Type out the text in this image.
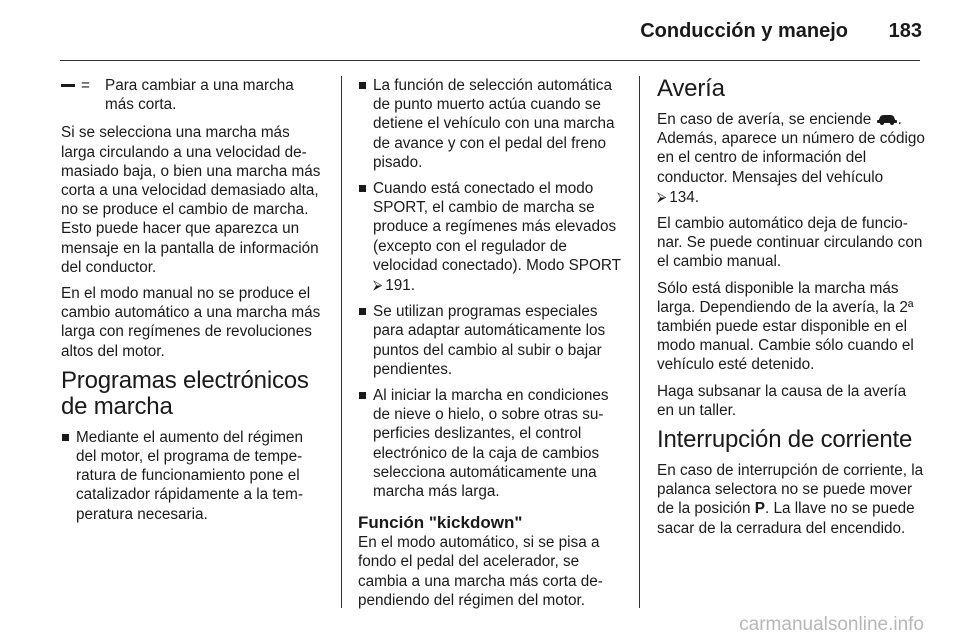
Conducción y manejo 183
= Para cambiar a una marcha más corta.

Si se selecciona una marcha más larga circulando a una velocidad demasiado baja, o bien una marcha más corta a una velocidad demasiado alta, no se produce el cambio de marcha. Esto puede hacer que aparezca un mensaje en la pantalla de información del conductor.

En el modo manual no se produce el cambio automático a una marcha más larga con regímenes de revoluciones altos del motor.

Programas electrónicos de marcha
Mediante el aumento del régimen del motor, el programa de temperatura de funcionamiento pone el catalizador rápidamente a la temperatura necesaria.
La función de selección automática de punto muerto actúa cuando se detiene el vehículo con una marcha de avance y con el pedal del freno pisado.
Cuando está conectado el modo SPORT, el cambio de marcha se produce a regímenes más elevados (excepto con el regulador de velocidad conectado). Modo SPORT ⮚ 191.
Se utilizan programas especiales para adaptar automáticamente los puntos del cambio al subir o bajar pendientes.
Al iniciar la marcha en condiciones de nieve o hielo, o sobre otras superficies deslizantes, el control electrónico de la caja de cambios selecciona automáticamente una marcha más larga.
Función "kickdown"

En el modo automático, si se pisa a fondo el pedal del acelerador, se cambia a una marcha más corta dependiendo del régimen del motor.

Avería

En caso de avería, se enciende . Además, aparece un número de código en el centro de información del conductor. Mensajes del vehículo
⮚ 134.

El cambio automático deja de funcionar. Se puede continuar circulando con el cambio manual.

Sólo está disponible la marcha más larga. Dependiendo de la avería, la 2ª también puede estar disponible en el modo manual. Cambie sólo cuando el vehículo esté detenido.

Haga subsanar la causa de la avería en un taller.

Interrupción de corriente

En caso de interrupción de corriente, la palanca selectora no se puede mover de la posición P. La llave no se puede sacar de la cerradura del encendido.

carmanualsonline.info
